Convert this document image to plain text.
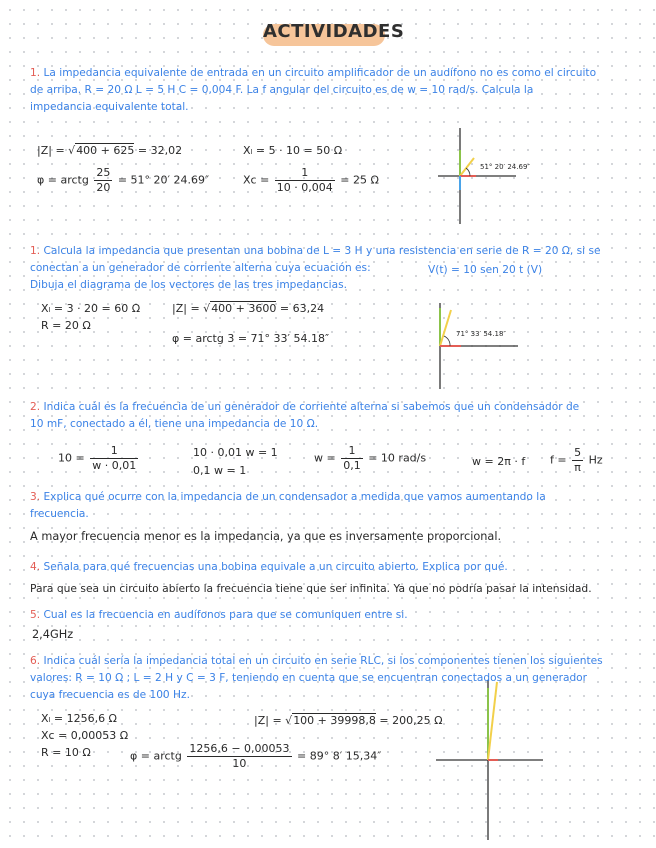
ACTIVIDADES
1. La impedancia equivalente de entrada en un circuito amplificador de un audífono no es como el circuito
de arriba. R = 20 Ω L = 5 H C = 0,004 F. La f angular del circuito es de w = 10 rad/s. Calcula la
impedancia equivalente total.
|Z| = √400 + 625 = 32,02	Xₗ = 5 · 10 = 50 Ω
φ = arctg $\frac{25}{20} = 51^\circ$ 20′ 24.69″	$Xc = \frac{1}{10 \cdot 0,004} = 25$ Ω
51° 20′ 24.69″
71° 33′ 54.18″
1. Calcula la impedancia que presentan una bobina de L = 3 H y una resistencia en serie de R = 20 Ω, si se
conectan a un generador de corriente alterna cuya ecuación es:	V(t) = 10 sen 20 t (V)
Dibuja el diagrama de los vectores de las tres impedancias.
Xₗ = 3 · 20 = 60 Ω
R = 20 Ω
|Z| = √400 + 3600 = 63,24
φ = arctg 3 = 71° 33′ 54.18″
2. Indica cuál es la frecuencia de un generador de corriente alterna si sabemos que un condensador de
10 mF, conectado a él, tiene una impedancia de 10 Ω.
$10 = \frac{1}{w \cdot 0,01}$	10 · 0,01 w = 1
0,1 w = 1
$w = \frac{1}{0,1} = 10$ rad/s	w = 2π · f $f = \frac{5}{\pi}$ Hz
3. Explica qué ocurre con la impedancia de un condensador a medida que vamos aumentando la
frecuencia.
A mayor frecuencia menor es la impedancia, ya que es inversamente proporcional.
4. Señala para qué frecuencias una bobina equivale a un circuito abierto. Explica por qué.
Para que sea un circuito abierto la frecuencia tiene que ser infinita. Ya que no podría pasar la intensidad.
5. Cual es la frecuencia en audífonos para que se comuniquen entre si.
2,4GHz
6. Indica cuál sería la impedancia total en un circuito en serie RLC, si los componentes tienen los siguientes
valores: R = 10 Ω ; L = 2 H y C = 3 F, teniendo en cuenta que se encuentran conectados a un generador
cuya frecuencia es de 100 Hz.
Xₗ = 1256,6 Ω
Xc = 0,00053 Ω
R = 10 Ω
|Z| = √100 + 39998,8 = 200,25 Ω
φ = arctg $\frac{1256,6 - 0,00053}{10} = 89^\circ$ 8′ 15,34″
